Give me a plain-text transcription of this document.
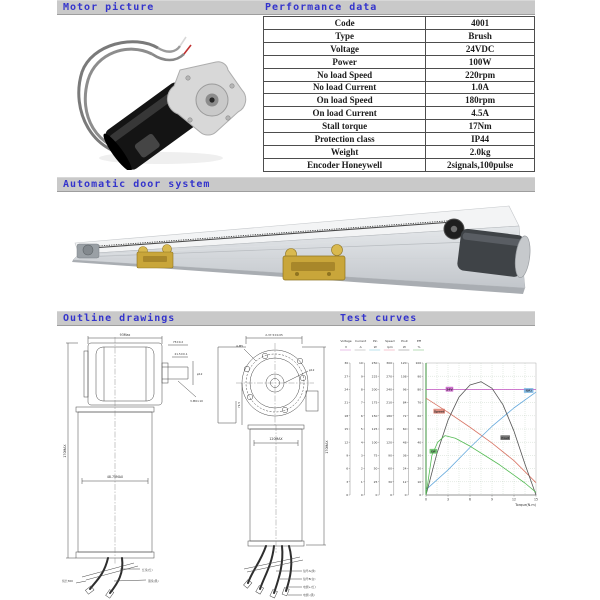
Motor picture	Performance data
Code	4001
Type	Brush
Voltage	24VDC
Power	100W
No load Speed	220rpm
No load Current	1.0A
On load Speed	180rpm
On load Current	4.5A
Stall torque	17Nm
Protection class	IP44
Weight	2.0kg
Encoder Honeywell	2signals,100pulse
Automatic door system
Outline drawings	Test curves
93Max
75±0.2
21.5±0.1
φ12
3-M6×10
48.75MAX
170MAX
线长300
红线(红)
黑线(黑)
2-37.5±0.05
4-M5
φ12
71.5
120MAX
170MAX
信号A(绿)
信号B(白)
电源+(红)
电源-(黑)
Voltage
V
30
27
24
21
18
15
12
9
6
3
0
Current
A
10
9
8
7
6
5
4
3
2
1
0
Pin
W
250
225
200
175
150
125
100
75
50
25
0
Speed
rpm
300
270
240
210
180
150
120
90
60
30
0
Pout
W
120
108
96
84
72
60
48
36
24
12
0
Eff
%
100
90
80
70
60
50
40
30
20
10
0
0	3	6	9	12	15
Torque(N.m)
24V
Speed
I(A)
Pout
Eff
